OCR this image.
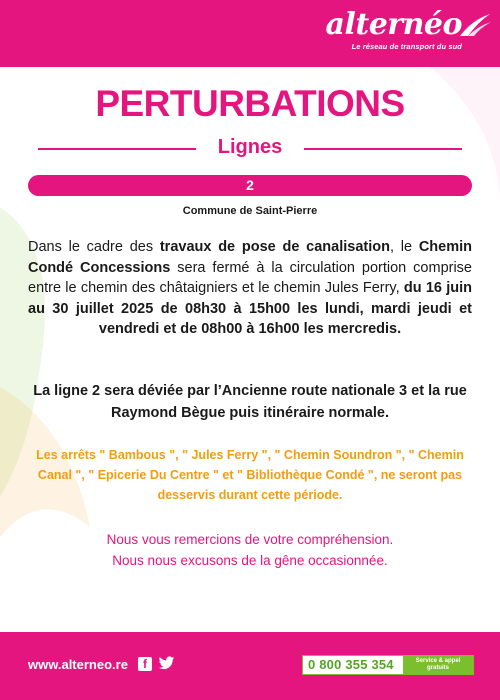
alternéo
Le réseau de transport du sud
PERTURBATIONS
Lignes
2
Commune de Saint-Pierre

Dans le cadre des travaux de pose de canalisation, le Chemin Condé Concessions sera fermé à la circulation portion comprise entre le chemin des châtaigniers et le chemin Jules Ferry, du 16 juin au 30 juillet 2025 de 08h30 à 15h00 les lundi, mardi jeudi et vendredi et de 08h00 à 16h00 les mercredis.

La ligne 2 sera déviée par l’Ancienne route nationale 3 et la rue Raymond Bègue puis itinéraire normale.

Les arrêts " Bambous ", " Jules Ferry ", " Chemin Soundron ", " Chemin Canal ", " Epicerie Du Centre " et " Bibliothèque Condé ", ne seront pas desservis durant cette période.

Nous vous remercions de votre compréhension.
Nous nous excusons de la gêne occasionnée.
www.alterneo.re	f	0 800 355 354	Service & appel gratuits
